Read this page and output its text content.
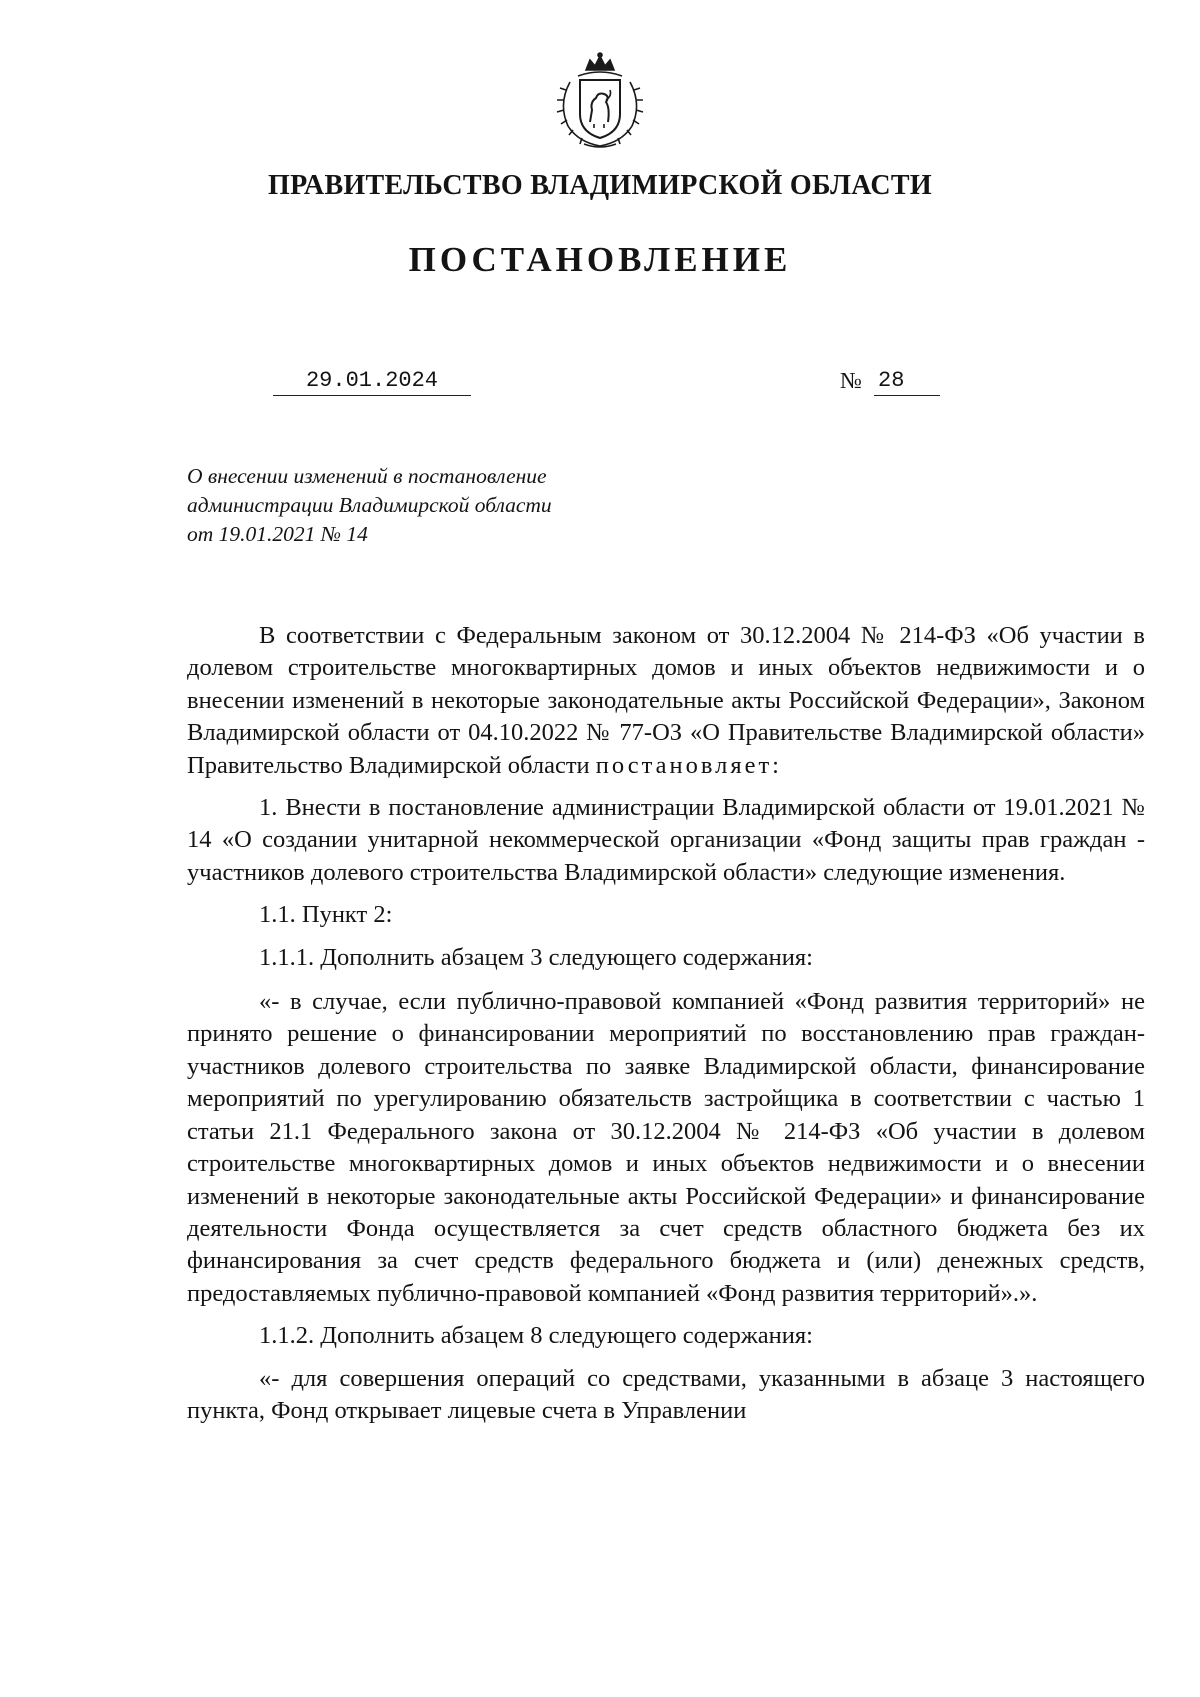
ПРАВИТЕЛЬСТВО ВЛАДИМИРСКОЙ ОБЛАСТИ
ПОСТАНОВЛЕНИЕ
29.01.2024	№ 28
О внесении изменений в постановление
администрации Владимирской области
от 19.01.2021 № 14

В соответствии с Федеральным законом от 30.12.2004 № 214-ФЗ «Об участии в долевом строительстве многоквартирных домов и иных объектов недвижимости и о внесении изменений в некоторые законодательные акты Российской Федерации», Законом Владимирской области от 04.10.2022 № 77-ОЗ «О Правительстве Владимирской области» Правительство Владимирской области постановляет:

1. Внести в постановление администрации Владимирской области от 19.01.2021 № 14 «О создании унитарной некоммерческой организации «Фонд защиты прав граждан - участников долевого строительства Владимирской области» следующие изменения.

1.1. Пункт 2:

1.1.1. Дополнить абзацем 3 следующего содержания:

«- в случае, если публично-правовой компанией «Фонд развития территорий» не принято решение о финансировании мероприятий по восстановлению прав граждан-участников долевого строительства по заявке Владимирской области, финансирование мероприятий по урегулированию обязательств застройщика в соответствии с частью 1 статьи 21.1 Федерального закона от 30.12.2004 № 214-ФЗ «Об участии в долевом строительстве многоквартирных домов и иных объектов недвижимости и о внесении изменений в некоторые законодательные акты Российской Федерации» и финансирование деятельности Фонда осуществляется за счет средств областного бюджета без их финансирования за счет средств федерального бюджета и (или) денежных средств, предоставляемых публично-правовой компанией «Фонд развития территорий».».

1.1.2. Дополнить абзацем 8 следующего содержания:

«- для совершения операций со средствами, указанными в абзаце 3 настоящего пункта, Фонд открывает лицевые счета в Управлении
